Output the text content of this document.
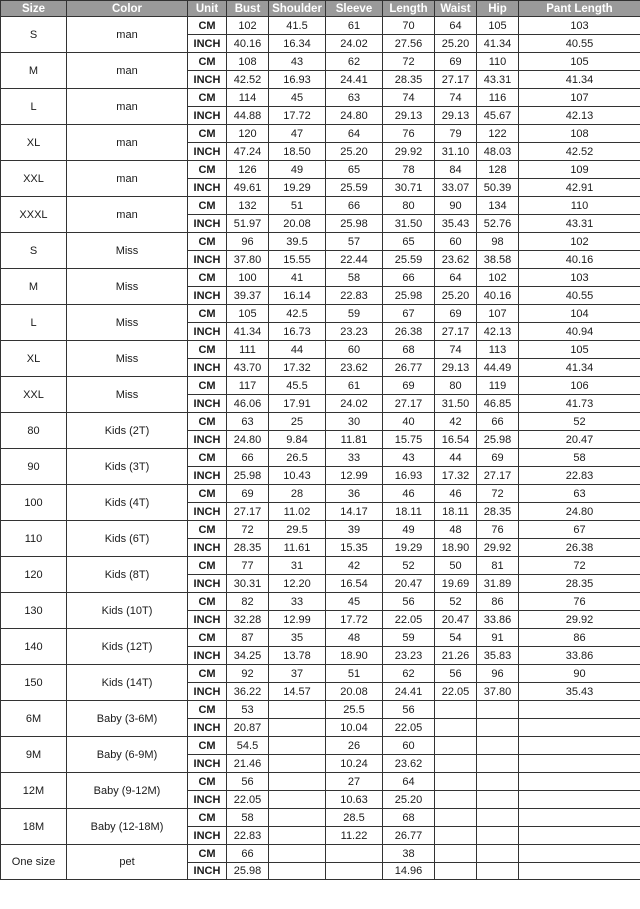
Size	Color	Unit	Bust	Shoulder	Sleeve	Length	Waist	Hip	Pant Length
S	man	CM	102	41.5	61	70	64	105	103
		INCH	40.16	16.34	24.02	27.56	25.20	41.34	40.55
M	man	CM	108	43	62	72	69	110	105
		INCH	42.52	16.93	24.41	28.35	27.17	43.31	41.34
L	man	CM	114	45	63	74	74	116	107
		INCH	44.88	17.72	24.80	29.13	29.13	45.67	42.13
XL	man	CM	120	47	64	76	79	122	108
		INCH	47.24	18.50	25.20	29.92	31.10	48.03	42.52
XXL	man	CM	126	49	65	78	84	128	109
		INCH	49.61	19.29	25.59	30.71	33.07	50.39	42.91
XXXL	man	CM	132	51	66	80	90	134	110
		INCH	51.97	20.08	25.98	31.50	35.43	52.76	43.31
S	Miss	CM	96	39.5	57	65	60	98	102
		INCH	37.80	15.55	22.44	25.59	23.62	38.58	40.16
M	Miss	CM	100	41	58	66	64	102	103
		INCH	39.37	16.14	22.83	25.98	25.20	40.16	40.55
L	Miss	CM	105	42.5	59	67	69	107	104
		INCH	41.34	16.73	23.23	26.38	27.17	42.13	40.94
XL	Miss	CM	111	44	60	68	74	113	105
		INCH	43.70	17.32	23.62	26.77	29.13	44.49	41.34
XXL	Miss	CM	117	45.5	61	69	80	119	106
		INCH	46.06	17.91	24.02	27.17	31.50	46.85	41.73
80	Kids (2T)	CM	63	25	30	40	42	66	52
		INCH	24.80	9.84	11.81	15.75	16.54	25.98	20.47
90	Kids (3T)	CM	66	26.5	33	43	44	69	58
		INCH	25.98	10.43	12.99	16.93	17.32	27.17	22.83
100	Kids (4T)	CM	69	28	36	46	46	72	63
		INCH	27.17	11.02	14.17	18.11	18.11	28.35	24.80
110	Kids (6T)	CM	72	29.5	39	49	48	76	67
		INCH	28.35	11.61	15.35	19.29	18.90	29.92	26.38
120	Kids (8T)	CM	77	31	42	52	50	81	72
		INCH	30.31	12.20	16.54	20.47	19.69	31.89	28.35
130	Kids (10T)	CM	82	33	45	56	52	86	76
		INCH	32.28	12.99	17.72	22.05	20.47	33.86	29.92
140	Kids (12T)	CM	87	35	48	59	54	91	86
		INCH	34.25	13.78	18.90	23.23	21.26	35.83	33.86
150	Kids (14T)	CM	92	37	51	62	56	96	90
		INCH	36.22	14.57	20.08	24.41	22.05	37.80	35.43
6M	Baby (3-6M)	CM	53		25.5	56			
		INCH	20.87		10.04	22.05			
9M	Baby (6-9M)	CM	54.5		26	60			
		INCH	21.46		10.24	23.62			
12M	Baby (9-12M)	CM	56		27	64			
		INCH	22.05		10.63	25.20			
18M	Baby (12-18M)	CM	58		28.5	68			
		INCH	22.83		11.22	26.77			
One size	pet	CM	66			38			
		INCH	25.98			14.96			
